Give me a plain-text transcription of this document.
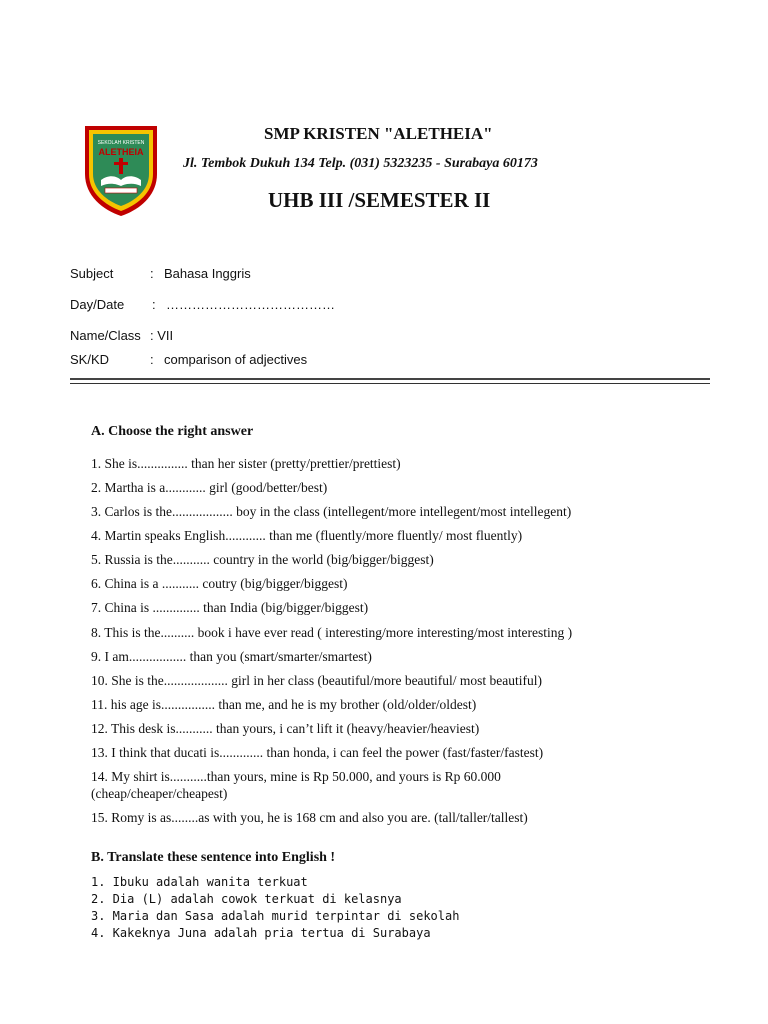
SEKOLAH KRISTEN
ALETHEIA
SMP KRISTEN "ALETHEIA"
Jl. Tembok Dukuh 134 Telp. (031) 5323235 - Surabaya 60173
UHB III /SEMESTER II
Subject	: Bahasa Inggris
Day/Date : …………………………………
Name/Class : VII
SK/KD	: comparison of adjectives
A. Choose the right answer
1. She is............... than her sister (pretty/prettier/prettiest)
2. Martha is a............ girl (good/better/best)
3. Carlos is the.................. boy in the class (intellegent/more intellegent/most intellegent)
4. Martin speaks English............ than me (fluently/more fluently/ most fluently)
5. Russia is the........... country in the world (big/bigger/biggest)
6. China is a ........... coutry (big/bigger/biggest)
7. China is .............. than India (big/bigger/biggest)
8. This is the.......... book i have ever read ( interesting/more interesting/most interesting )
9. I am................. than you (smart/smarter/smartest)
10. She is the................... girl in her class (beautiful/more beautiful/ most beautiful)
11. his age is................ than me, and he is my brother (old/older/oldest)
12. This desk is........... than yours, i can’t lift it (heavy/heavier/heaviest)
13. I think that ducati is............. than honda, i can feel the power (fast/faster/fastest)
14. My shirt is...........than yours, mine is Rp 50.000, and yours is Rp 60.000
(cheap/cheaper/cheapest)
15. Romy is as........as with you, he is 168 cm and also you are. (tall/taller/tallest)
B. Translate these sentence into English !
1. Ibuku adalah wanita terkuat
2. Dia (L) adalah cowok terkuat di kelasnya
3. Maria dan Sasa adalah murid terpintar di sekolah
4. Kakeknya Juna adalah pria tertua di Surabaya
